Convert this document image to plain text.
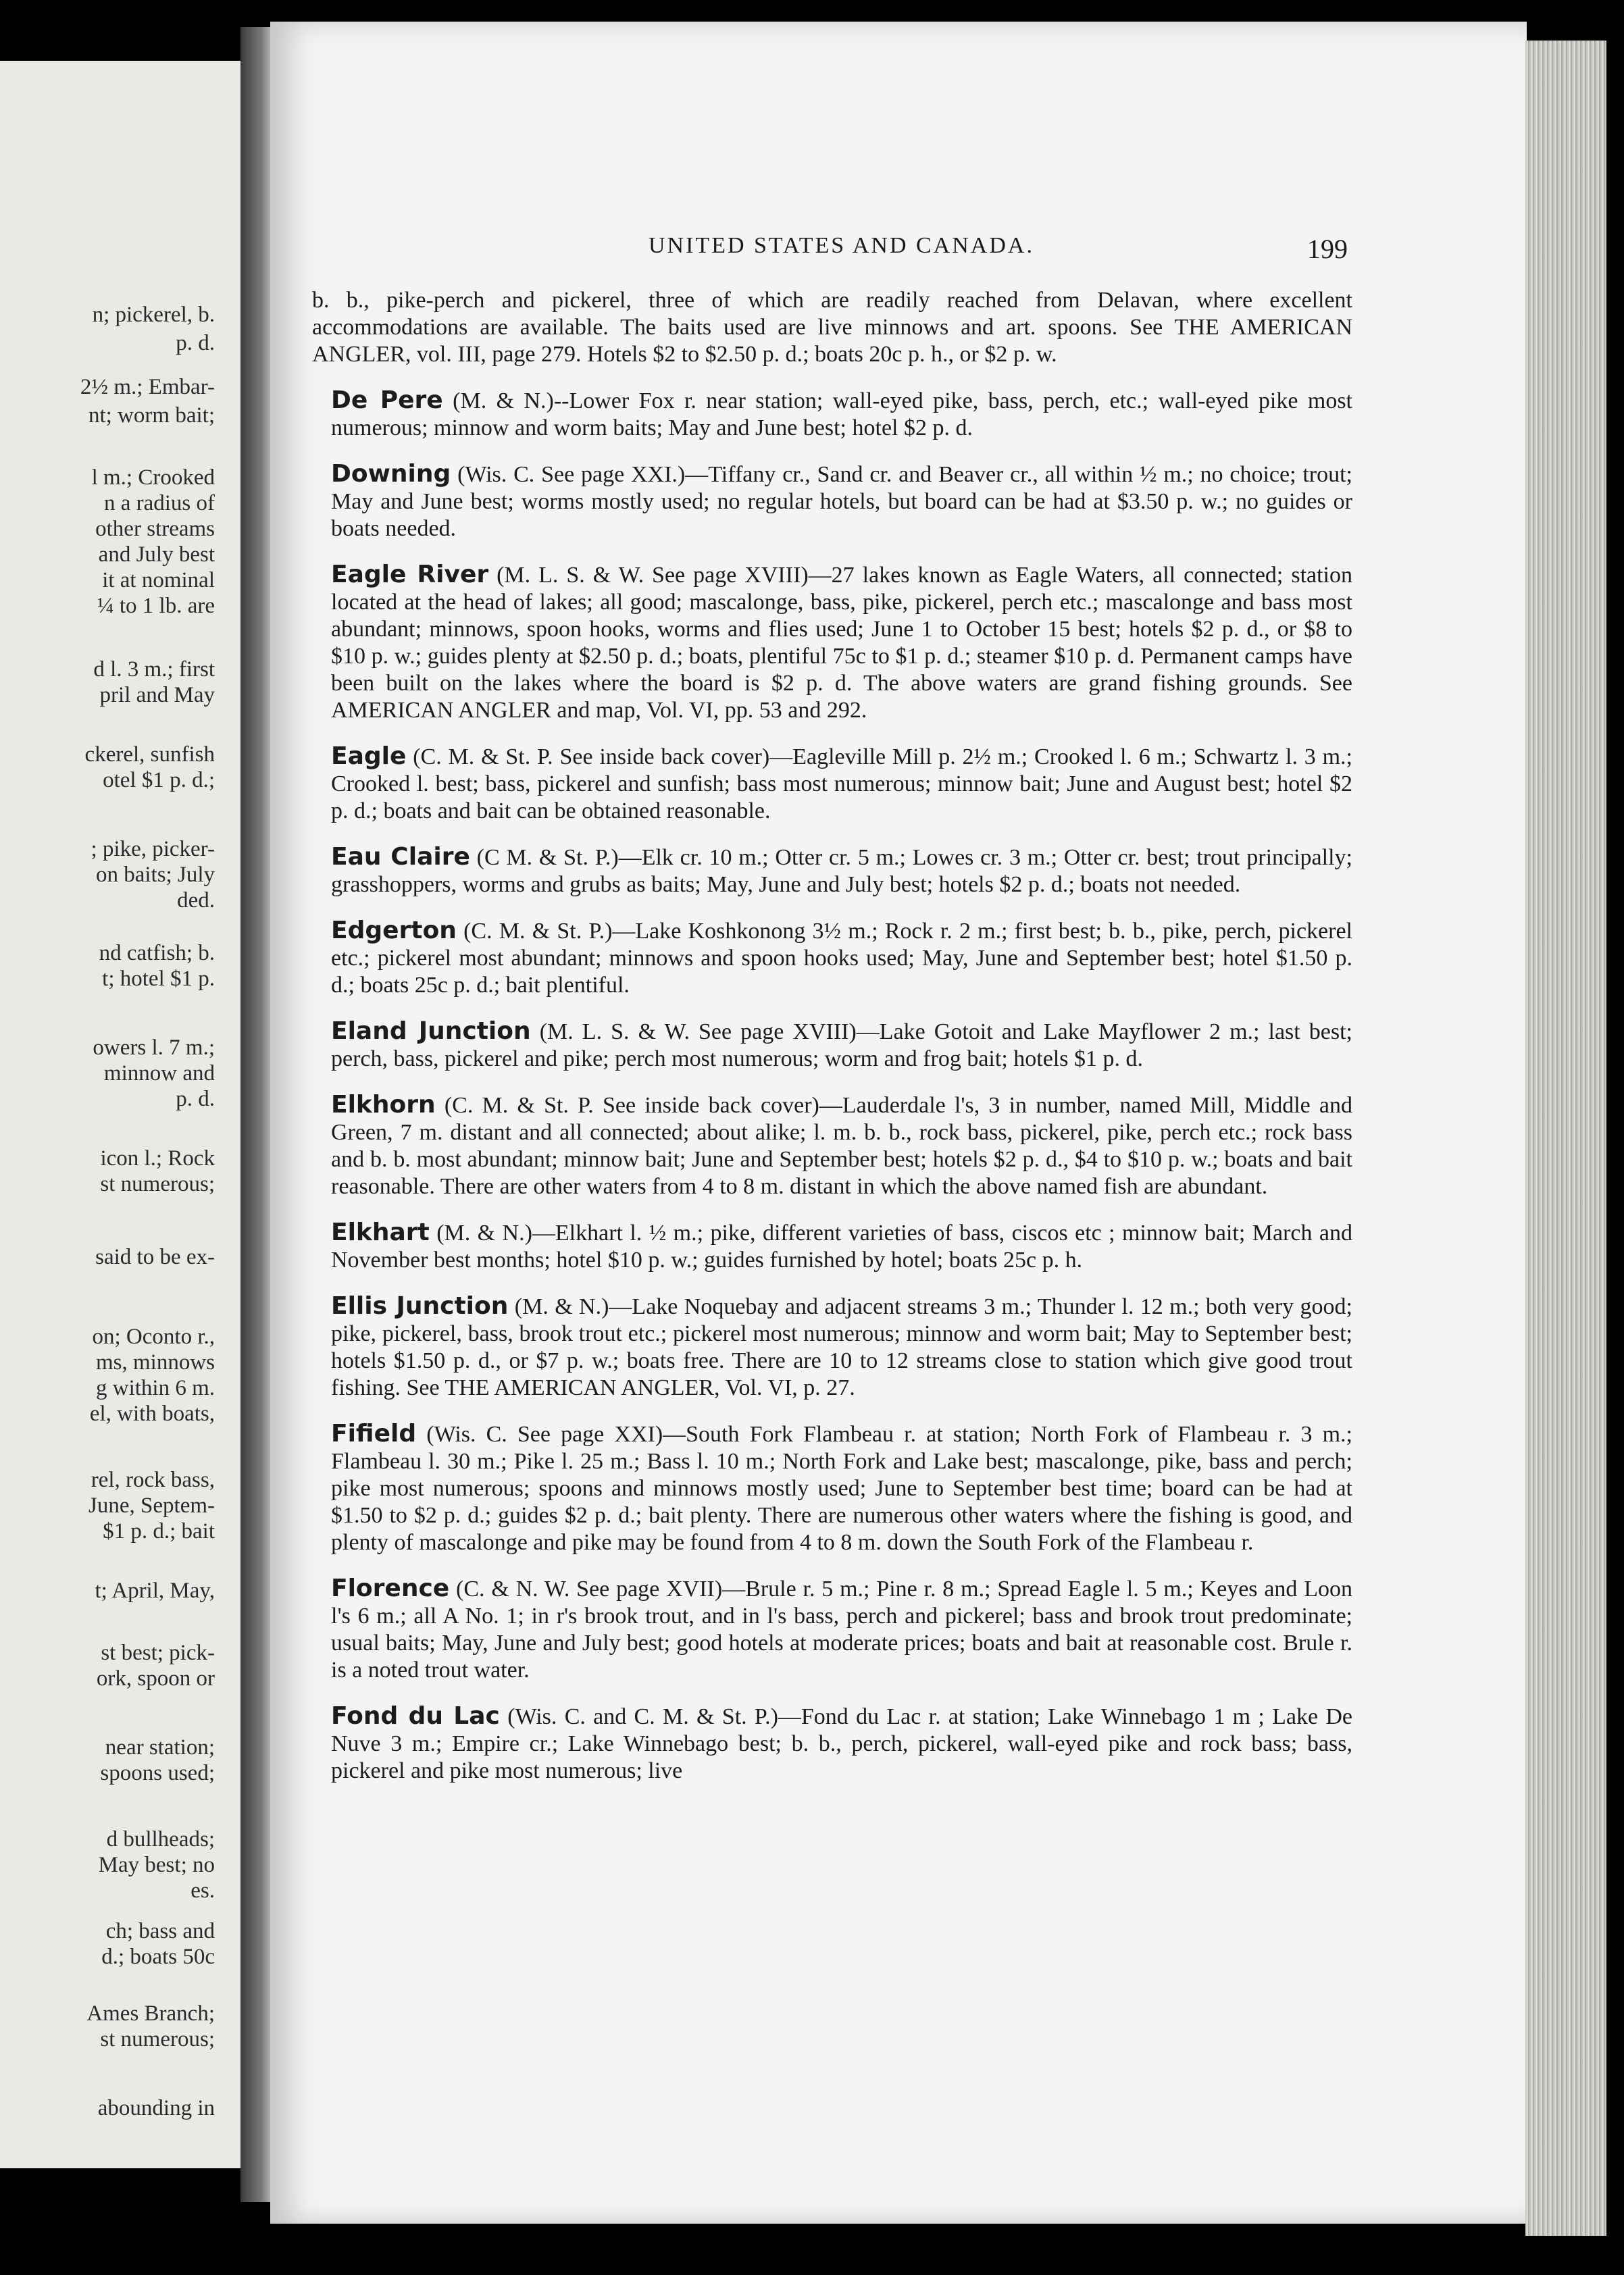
n; pickerel, b.
p. d.
2½ m.; Embar-
nt; worm bait;
l m.; Crooked
n a radius of
other streams
and July best
it at nominal
¼ to 1 lb. are
d l. 3 m.; first
pril and May
ckerel, sunfish
otel $1 p. d.;
; pike, picker-
on baits; July
ded.
nd catfish; b.
t; hotel $1 p.
owers l. 7 m.;
minnow and
p. d.
icon l.; Rock
st numerous;
said to be ex-
on; Oconto r.,
ms, minnows
g within 6 m.
el, with boats,
rel, rock bass,
June, Septem-
$1 p. d.; bait
t; April, May,
st best; pick-
ork, spoon or
near station;
spoons used;
d bullheads;
May best; no
es.
ch; bass and
d.; boats 50c
Ames Branch;
st numerous;
abounding in
UNITED STATES AND CANADA.	199

b. b., pike-perch and pickerel, three of which are readily reached from Delavan, where excellent accommodations are available. The baits used are live minnows and art. spoons. See THE AMERICAN ANGLER, vol. III, page 279. Hotels $2 to $2.50 p. d.; boats 20c p. h., or $2 p. w.

De Pere (M. & N.)--Lower Fox r. near station; wall-eyed pike, bass, perch, etc.; wall-eyed pike most numerous; minnow and worm baits; May and June best; hotel $2 p. d.

Downing (Wis. C. See page XXI.)—Tiffany cr., Sand cr. and Beaver cr., all within ½ m.; no choice; trout; May and June best; worms mostly used; no regular hotels, but board can be had at $3.50 p. w.; no guides or boats needed.

Eagle River (M. L. S. & W. See page XVIII)—27 lakes known as Eagle Waters, all connected; station located at the head of lakes; all good; mascalonge, bass, pike, pickerel, perch etc.; mascalonge and bass most abundant; minnows, spoon hooks, worms and flies used; June 1 to October 15 best; hotels $2 p. d., or $8 to $10 p. w.; guides plenty at $2.50 p. d.; boats, plentiful 75c to $1 p. d.; steamer $10 p. d. Permanent camps have been built on the lakes where the board is $2 p. d. The above waters are grand fishing grounds. See AMERICAN ANGLER and map, Vol. VI, pp. 53 and 292.

Eagle (C. M. & St. P. See inside back cover)—Eagleville Mill p. 2½ m.; Crooked l. 6 m.; Schwartz l. 3 m.; Crooked l. best; bass, pickerel and sunfish; bass most numerous; minnow bait; June and August best; hotel $2 p. d.; boats and bait can be obtained reasonable.

Eau Claire (C M. & St. P.)—Elk cr. 10 m.; Otter cr. 5 m.; Lowes cr. 3 m.; Otter cr. best; trout principally; grasshoppers, worms and grubs as baits; May, June and July best; hotels $2 p. d.; boats not needed.

Edgerton (C. M. & St. P.)—Lake Koshkonong 3½ m.; Rock r. 2 m.; first best; b. b., pike, perch, pickerel etc.; pickerel most abundant; minnows and spoon hooks used; May, June and September best; hotel $1.50 p. d.; boats 25c p. d.; bait plentiful.

Eland Junction (M. L. S. & W. See page XVIII)—Lake Gotoit and Lake Mayflower 2 m.; last best; perch, bass, pickerel and pike; perch most numerous; worm and frog bait; hotels $1 p. d.

Elkhorn (C. M. & St. P. See inside back cover)—Lauderdale l's, 3 in number, named Mill, Middle and Green, 7 m. distant and all connected; about alike; l. m. b. b., rock bass, pickerel, pike, perch etc.; rock bass and b. b. most abundant; minnow bait; June and September best; hotels $2 p. d., $4 to $10 p. w.; boats and bait reasonable. There are other waters from 4 to 8 m. distant in which the above named fish are abundant.

Elkhart (M. & N.)—Elkhart l. ½ m.; pike, different varieties of bass, ciscos etc ; minnow bait; March and November best months; hotel $10 p. w.; guides furnished by hotel; boats 25c p. h.

Ellis Junction (M. & N.)—Lake Noquebay and adjacent streams 3 m.; Thunder l. 12 m.; both very good; pike, pickerel, bass, brook trout etc.; pickerel most numerous; minnow and worm bait; May to September best; hotels $1.50 p. d., or $7 p. w.; boats free. There are 10 to 12 streams close to station which give good trout fishing. See THE AMERICAN ANGLER, Vol. VI, p. 27.

Fifield (Wis. C. See page XXI)—South Fork Flambeau r. at station; North Fork of Flambeau r. 3 m.; Flambeau l. 30 m.; Pike l. 25 m.; Bass l. 10 m.; North Fork and Lake best; mascalonge, pike, bass and perch; pike most numerous; spoons and minnows mostly used; June to September best time; board can be had at $1.50 to $2 p. d.; guides $2 p. d.; bait plenty. There are numerous other waters where the fishing is good, and plenty of mascalonge and pike may be found from 4 to 8 m. down the South Fork of the Flambeau r.

Florence (C. & N. W. See page XVII)—Brule r. 5 m.; Pine r. 8 m.; Spread Eagle l. 5 m.; Keyes and Loon l's 6 m.; all A No. 1; in r's brook trout, and in l's bass, perch and pickerel; bass and brook trout predominate; usual baits; May, June and July best; good hotels at moderate prices; boats and bait at reasonable cost. Brule r. is a noted trout water.

Fond du Lac (Wis. C. and C. M. & St. P.)—Fond du Lac r. at station; Lake Winnebago 1 m ; Lake De Nuve 3 m.; Empire cr.; Lake Winnebago best; b. b., perch, pickerel, wall-eyed pike and rock bass; bass, pickerel and pike most numerous; live
